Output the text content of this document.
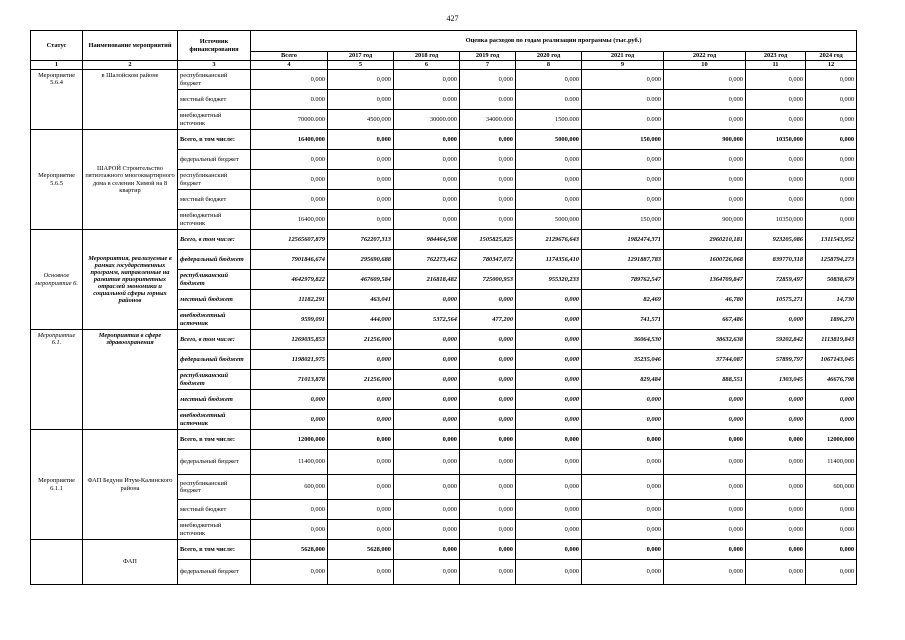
427
Статус	Наименование мероприятий	Источник финансирования	Оценка расходов по годам реализации программы (тыс.руб.)								
			Всего	2017 год	2018 год	2019 год	2020 год	2021 год	2022 год	2023 год	2024 год
1	2	3	4	5	6	7	8	9	10	11	12
Мероприятие 5.6.4	в Шалойском районе	республиканский бюджет	0,000	0,000	0,000	0,000	0,000	0,000	0,000	0,000	0,000
		местный бюджет	0.000	0,000	0.000	0.000	0.000	0.000	0,000	0,000	0,000
		внебюджетный источник	70000.000	4500,000	30000.000	34000.000	1500.000	0.000	0,000	0,000	0,000
Мероприятие 5.6.5	ШАРОЙ Строительство пятиэтажного многоквартирного дома в селении Химой на 8 квартир	Всего, в том числе:	16400,000	0,000	0,000	0,000	5000,000	150,000	900,000	10350,000	0,000
		федеральный бюджет	0,000	0,000	0,000	0,000	0,000	0,000	0,000	0,000	0,000
		республиканский бюджет	0,000	0,000	0,000	0,000	0,000	0,000	0,000	0,000	0,000
		местный бюджет	0,000	0,000	0,000	0,000	0,000	0,000	0,000	0,000	0,000
		внебюджетный источник	16400,000	0,000	0,000	0,000	5000,000	150,000	900,000	10350,000	0,000
Основное мероприятие 6.	Мероприятия, реализуемые в рамках государственных программ, направленные на развитие приоритетных отраслей экономики и социальной сферы горных районов	Всего, в том числе:	12565607,879	762207,313	984464,508	1505825,825	2129676,643	1982474,371	2960210,181	923205,086	1311543,952
		федеральный бюджет	7901846,674	295690,688	762273,462	780347,072	1174356,410	1291887,783	1600726,068	839770,318	1258794,273
		республиканский бюджет	4642979,822	467609,584	216818,482	725000,953	955320,233	789762,547	1364709,847	72859,497	50838,679
		местный бюджет	11182,291	463,041	0,000	0,000	0,000	82,469	46,780	10575,271	14,730
		внебюджетный источник	9599,091	444,000	5372,564	477,200	0,000	741,571	667,486	0,000	1896,270
Мероприятие 6.1.	Мероприятия в сфере здравоохранения	Всего, в том числе:	1269035,853	21256,000	0,000	0,000	0,000	36064,530	38632,638	59202,842	1113819,843
		федеральный бюджет	1198021,975	0,000	0,000	0,000	0,000	35235,046	37744,087	57899,797	1067143,045
		республиканский бюджет	71013,878	21256,000	0,000	0,000	0,000	829,484	888,551	1303,045	46676,798
		местный бюджет	0,000	0,000	0,000	0,000	0,000	0,000	0,000	0,000	0,000
		внебюджетный источник	0,000	0,000	0,000	0,000	0,000	0,000	0,000	0,000	0,000
Мероприятие 6.1.1	ФАП Бедуни Итум-Калинского района	Всего, в том числе:	12000,000	0,000	0,000	0,000	0,000	0,000	0,000	0,000	12000,000
		федеральный бюджет	11400,000	0,000	0,000	0,000	0,000	0,000	0,000	0,000	11400,000
		республиканский бюджет	600,000	0,000	0,000	0,000	0,000	0,000	0,000	0,000	600,000
		местный бюджет	0,000	0,000	0,000	0,000	0,000	0,000	0,000	0,000	0,000
		внебюджетный источник	0,000	0,000	0,000	0,000	0,000	0,000	0,000	0,000	0,000
	ФАП	Всего, в том числе:	5628,000	5628,000	0,000	0,000	0,000	0,000	0,000	0,000	0,000
		федеральный бюджет	0,000	0,000	0,000	0,000	0,000	0,000	0,000	0,000	0,000
